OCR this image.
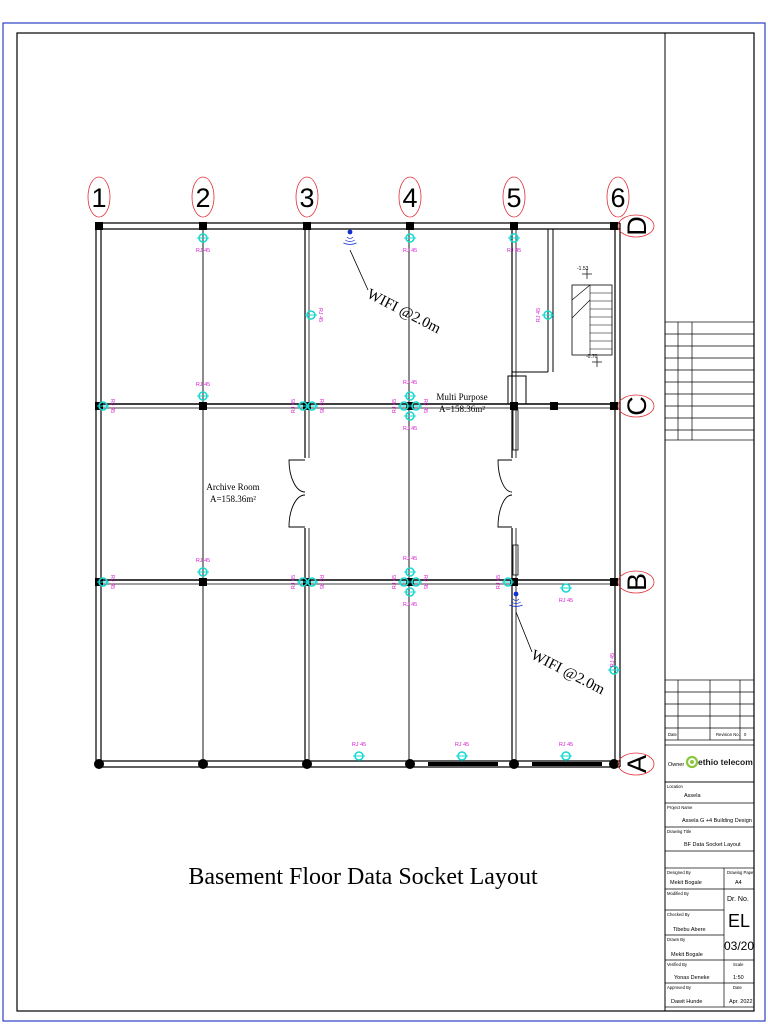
RJ 45	RJ 45	RJ 45
RJ 45	RJ 45
RJ 45
RJ 45
RJ 45	RJ 45	RJ 45
RJ 45
RJ 45
RJ 45
RJ 45
RJ 45
RJ 45	RJ 45	RJ 45
RJ 45
RJ 45
RJ 45
RJ 45
RJ 45
RJ 45
RJ 45	RJ 45	RJ 45
-1.53
-0.70
1	2	3	4	5	6
D
C
B
A
Archive Room
A=158.36m²
Multi Purpose
A=158.36m²
WIFI @2.0m
WIFI @2.0m
Basement Floor Data Socket Layout
Date	Revision No. 0
Owner
Location
Assela
Project Name
Assela G +4 Building Design
Drawing Title
BF Data Socket Layout
Designed By
Mekit Bogale
Drawing Paper
A4
Modified By
Dr. No.
EL
03/20
Checked By
Tibebu Abere
Drawn By
Mekit Bogale
Verified By
Yonas Deneke
Scale
1:50
Approved By
Dawit Hunde
Date
Apr. 2022
ethio telecom
